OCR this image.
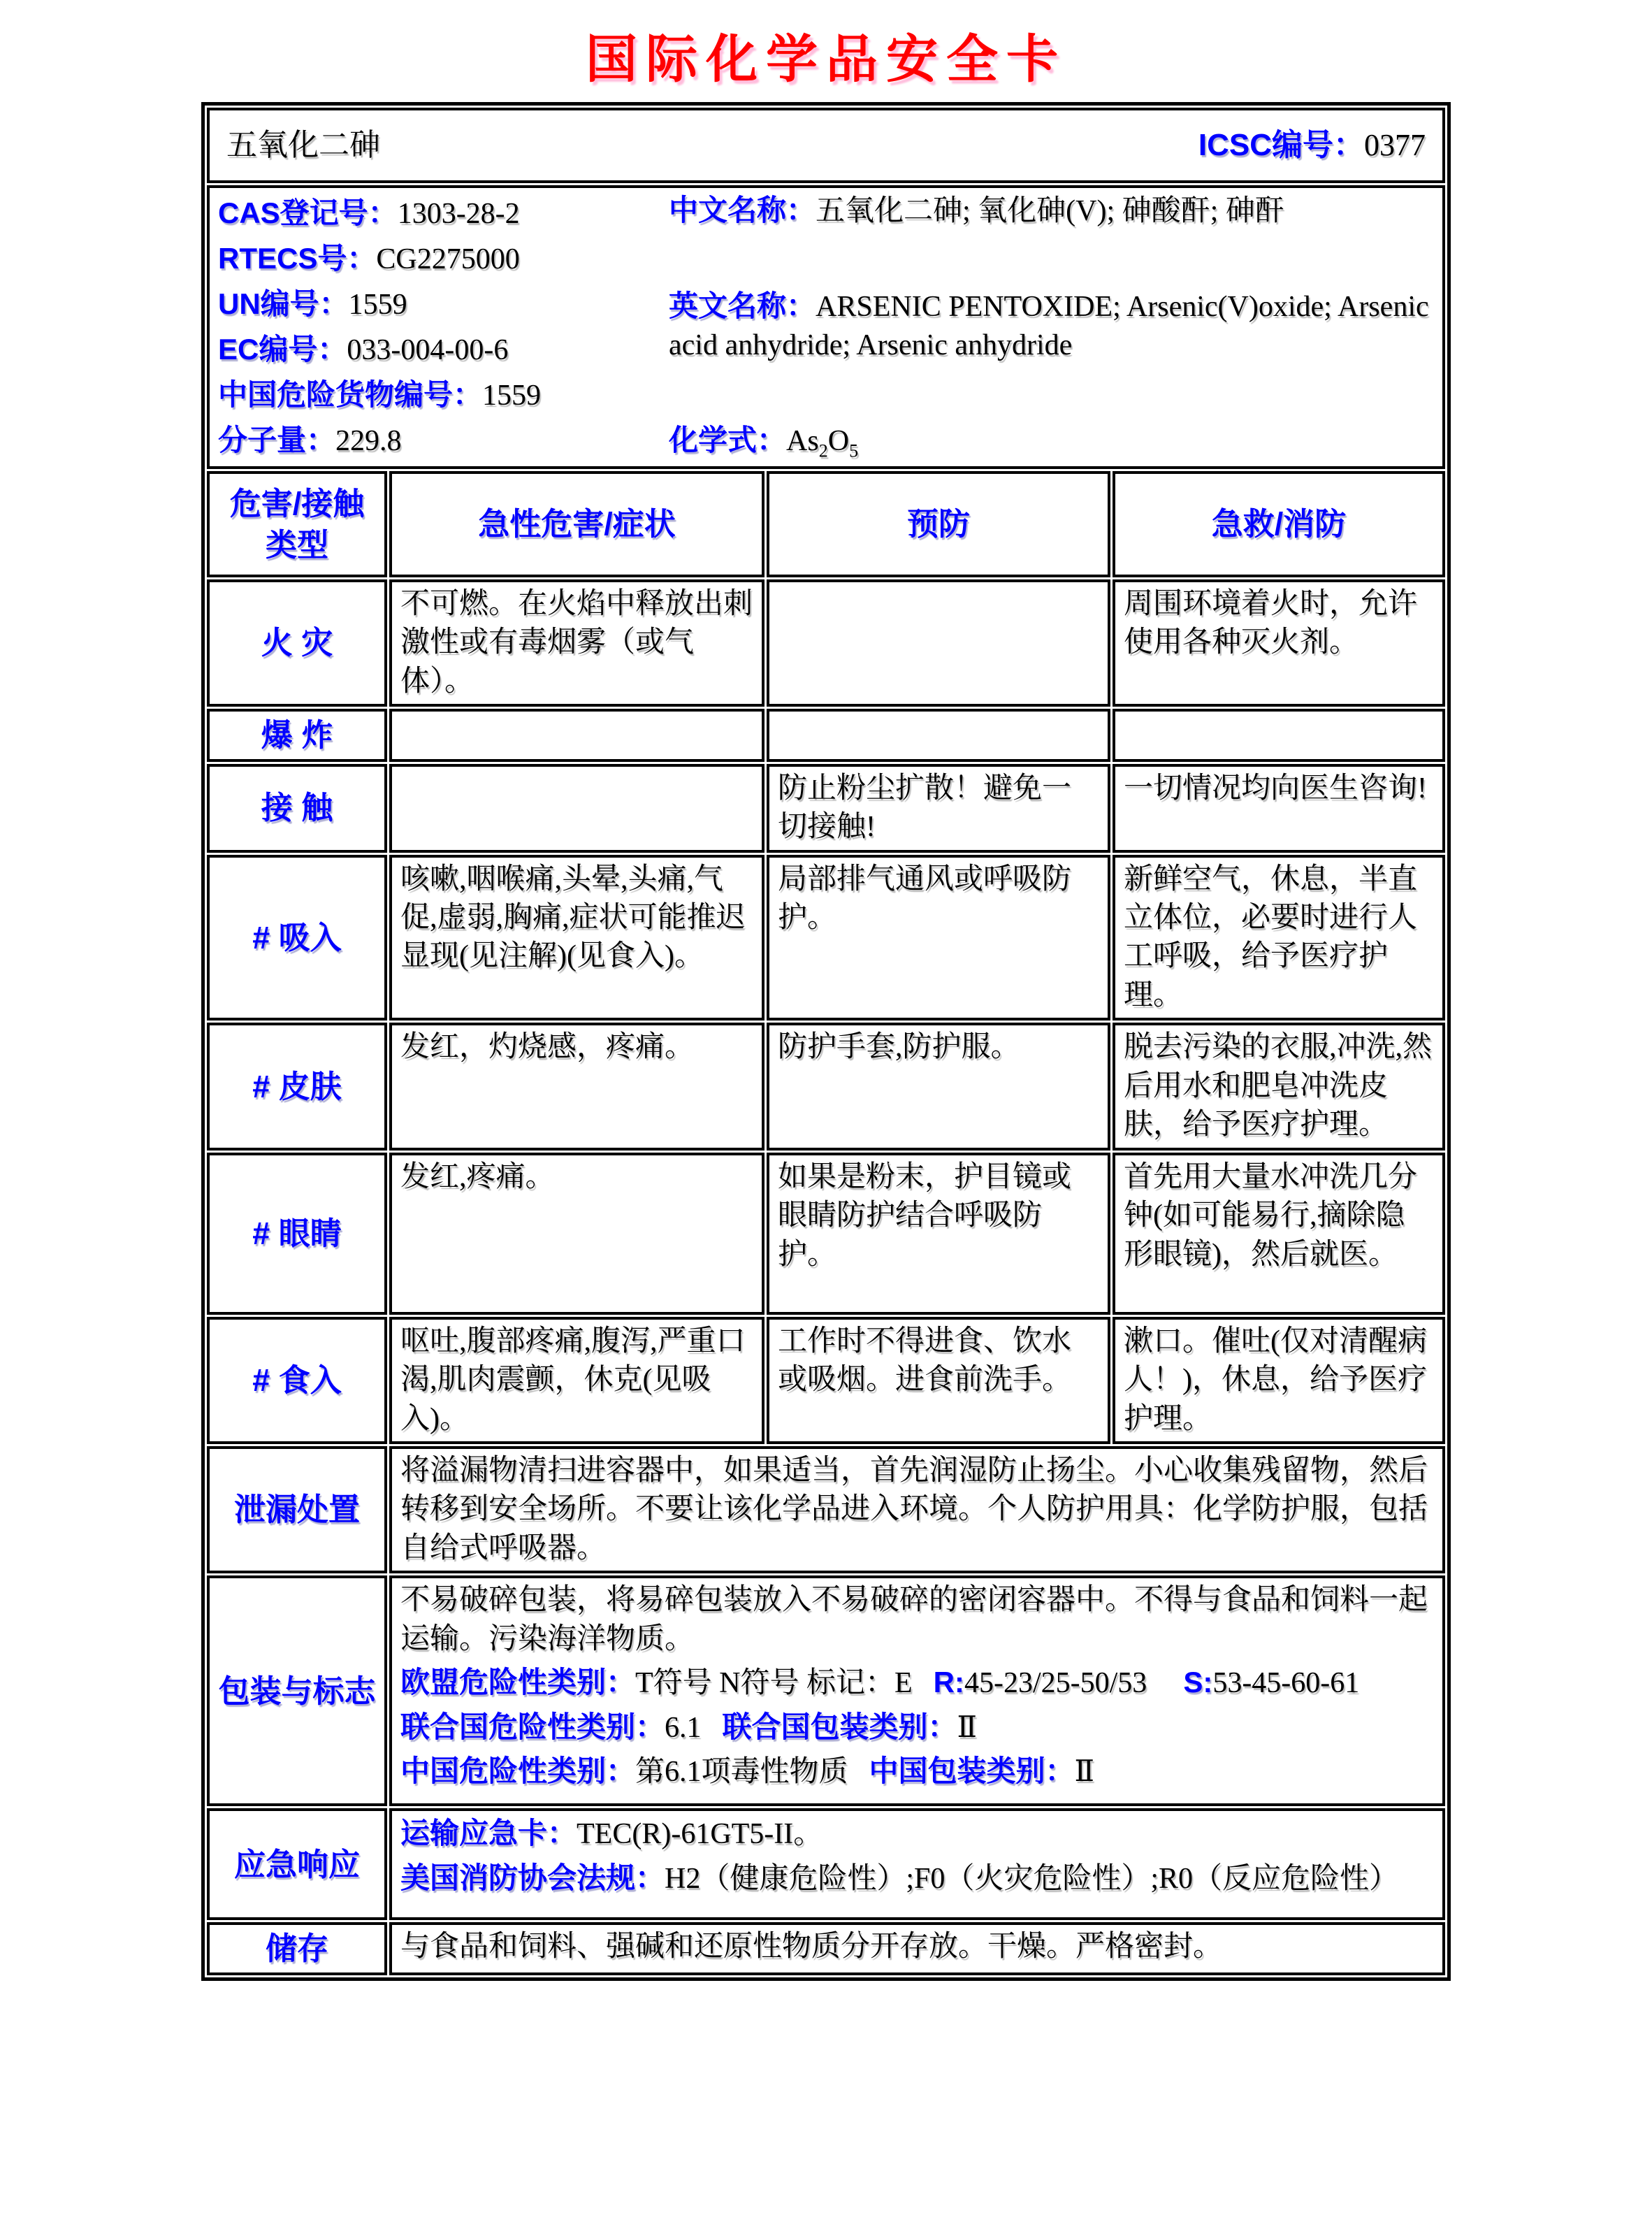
国际化学品安全卡
五氧化二砷 ICSC编号：0377			

CAS登记号：1303-28-2
RTECS号：CG2275000
UN编号：1559
EC编号：033-004-00-6
中国危险货物编号：1559
分子量：229.8
中文名称：五氧化二砷; 氧化砷(V); 砷酸酐; 砷酐
英文名称：ARSENIC PENTOXIDE; Arsenic(V)oxide; Arsenic acid anhydride; Arsenic anhydride
化学式：$As_2O_5$

危害/接触类型	急性危害/症状	预防	急救/消防
火 灾	不可燃。在火焰中释放出刺激性或有毒烟雾（或气体）。		周围环境着火时，允许使用各种灭火剂。
爆 炸			
接 触		防止粉尘扩散！避免一切接触!	一切情况均向医生咨询!
# 吸入	咳嗽,咽喉痛,头晕,头痛,气促,虚弱,胸痛,症状可能推迟显现(见注解)(见食入)。	局部排气通风或呼吸防护。	新鲜空气，休息，半直立体位，必要时进行人工呼吸，给予医疗护理。
# 皮肤	发红，灼烧感，疼痛。	防护手套,防护服。	脱去污染的衣服,冲洗,然后用水和肥皂冲洗皮肤，给予医疗护理。
# 眼睛	发红,疼痛。	如果是粉末，护目镜或眼睛防护结合呼吸防护。	首先用大量水冲洗几分钟(如可能易行,摘除隐形眼镜)，然后就医。
# 食入	呕吐,腹部疼痛,腹泻,严重口渴,肌肉震颤，休克(见吸入)。	工作时不得进食、饮水或吸烟。进食前洗手。	漱口。催吐(仅对清醒病人！)，休息，给予医疗护理。
泄漏处置	将溢漏物清扫进容器中，如果适当，首先润湿防止扬尘。小心收集残留物，然后转移到安全场所。不要让该化学品进入环境。个人防护用具：化学防护服，包括自给式呼吸器。		
包装与标志	不易破碎包装，将易碎包装放入不易破碎的密闭容器中。不得与食品和饲料一起运输。污染海洋物质。

欧盟危险性类别：T符号 N符号 标记：E R:45-23/25-50/53 S:53-45-60-61

联合国危险性类别：6.1 联合国包装类别：Ⅱ

中国危险性类别：第6.1项毒性物质 中国包装类别：Ⅱ		

应急响应	运输应急卡：TEC(R)-61GT5-II。

美国消防协会法规：H2（健康危险性）;F0（火灾危险性）;R0（反应危险性）		

储存	与食品和饲料、强碱和还原性物质分开存放。干燥。严格密封。		
